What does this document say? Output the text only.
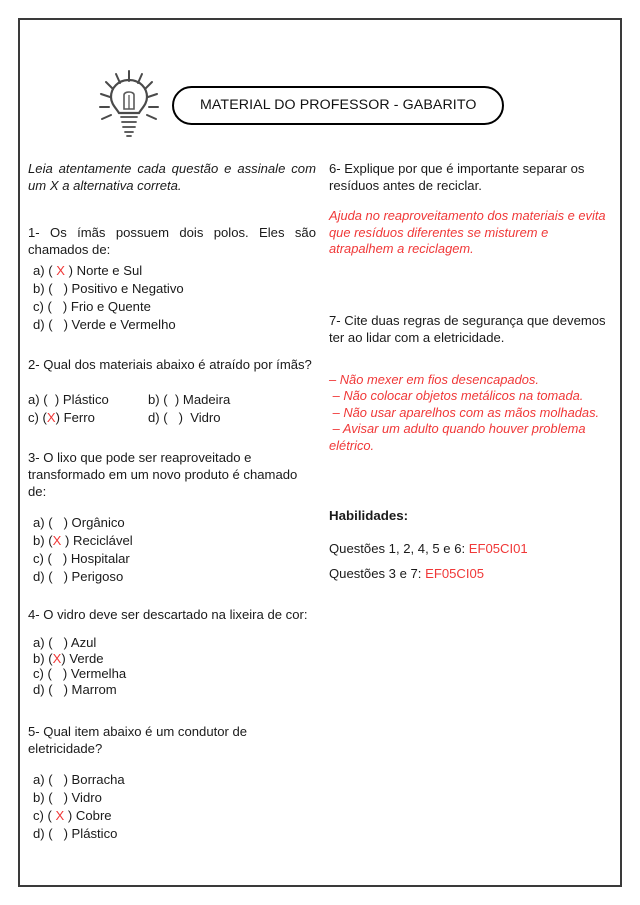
MATERIAL DO PROFESSOR - GABARITO

Leia atentamente cada questão e assinale com um X a alternativa correta.

1- Os ímãs possuem dois polos. Eles são chamados de:

a) ( X ) Norte e Sul
b) ( ) Positivo e Negativo
c) ( ) Frio e Quente
d) ( ) Verde e Vermelho

2- Qual dos materiais abaixo é atraído por ímãs?

a) ( ) Plástico	b) ( ) Madeira
c) (X) Ferro	d) ( )  Vidro

3- O lixo que pode ser reaproveitado e transformado em um novo produto é chamado de:

a) ( ) Orgânico
b) (X ) Reciclável
c) ( ) Hospitalar
d) ( ) Perigoso

4- O vidro deve ser descartado na lixeira de cor:

a) ( ) Azul
b) (X) Verde
c) ( ) Vermelha
d) ( ) Marrom

5- Qual item abaixo é um condutor de eletricidade?

a) ( ) Borracha
b) ( ) Vidro
c) ( X ) Cobre
d) ( ) Plástico

6- Explique por que é importante separar os resíduos antes de reciclar.

Ajuda no reaproveitamento dos materiais e evita
que resíduos diferentes se misturem e
atrapalhem a reciclagem.

7- Cite duas regras de segurança que devemos ter ao lidar com a eletricidade.

– Não mexer em fios desencapados.
– Não colocar objetos metálicos na tomada.
– Não usar aparelhos com as mãos molhadas.
– Avisar um adulto quando houver problema
elétrico.

Habilidades:

Questões 1, 2, 4, 5 e 6: EF05CI01

Questões 3 e 7: EF05CI05
